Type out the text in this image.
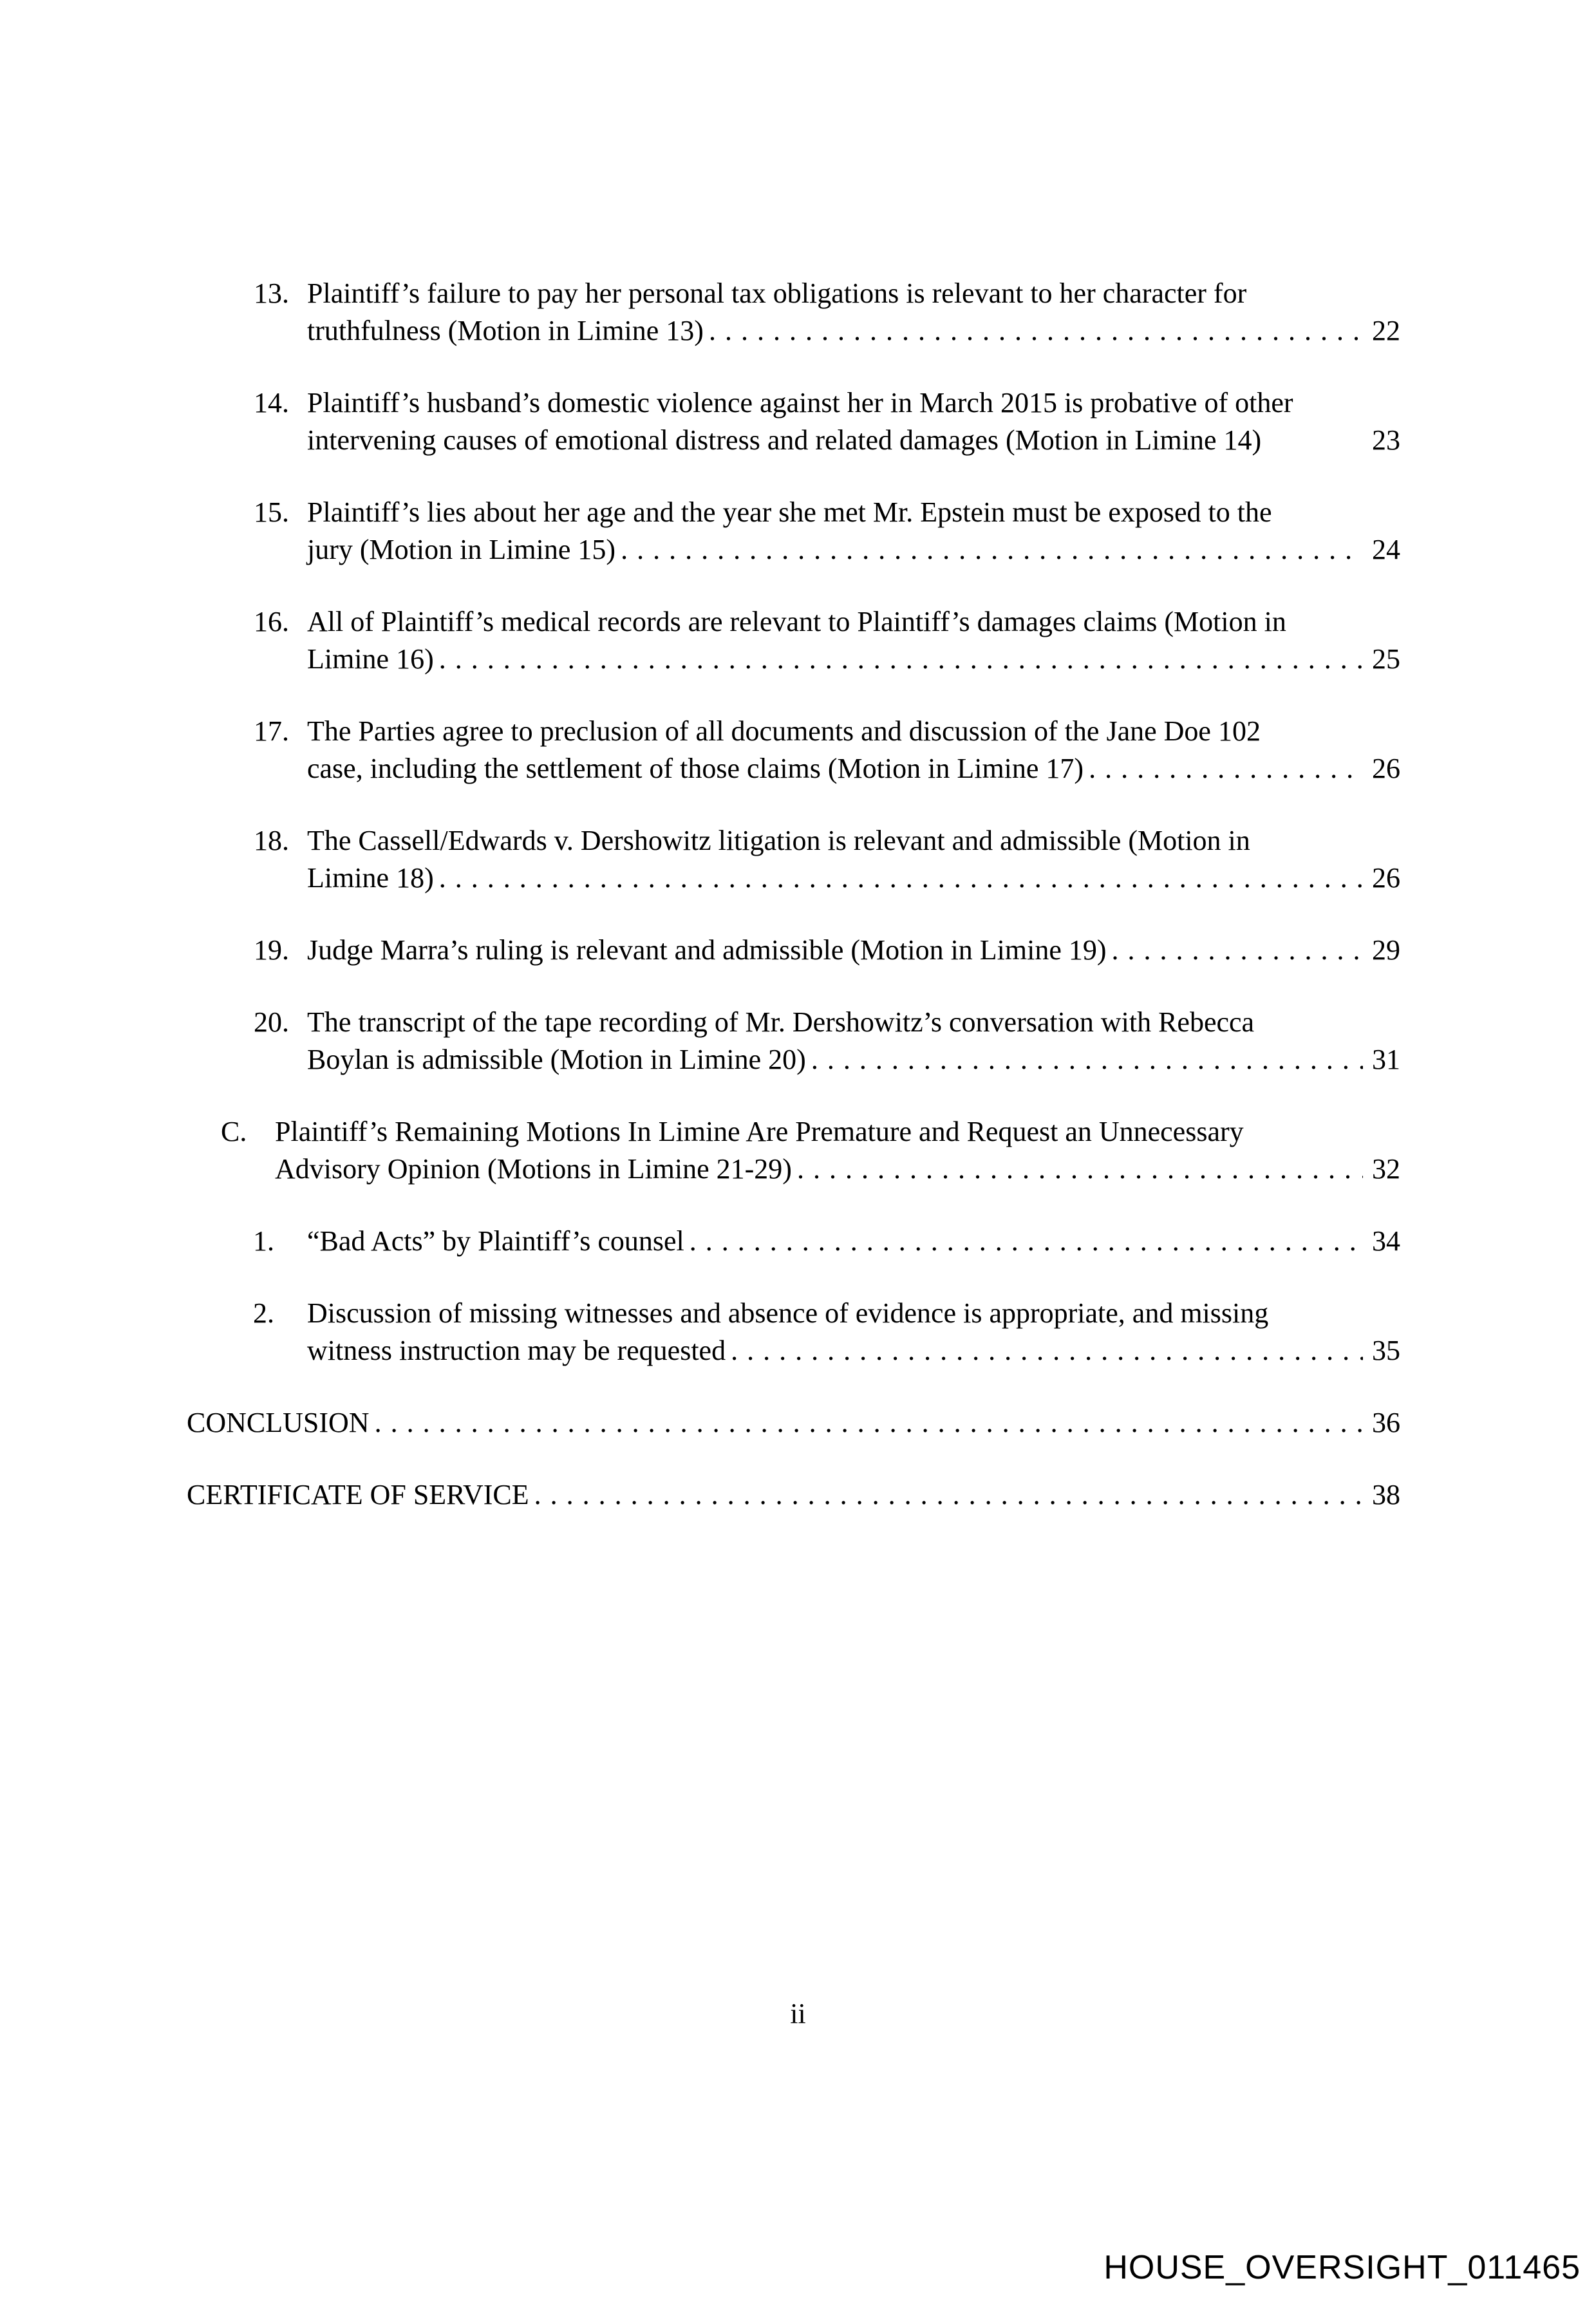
13. Plaintiff’s failure to pay her personal tax obligations is relevant to her character for
truthfulness (Motion in Limine 13) .....	22
14. Plaintiff’s husband’s domestic violence against her in March 2015 is probative of other
intervening causes of emotional distress and related damages (Motion in Limine 14)	23
15. Plaintiff’s lies about her age and the year she met Mr. Epstein must be exposed to the
jury (Motion in Limine 15) .....	24
16. All of Plaintiff’s medical records are relevant to Plaintiff’s damages claims (Motion in
Limine 16) .....	25
17. The Parties agree to preclusion of all documents and discussion of the Jane Doe 102
case, including the settlement of those claims (Motion in Limine 17) .....	26
18. The Cassell/Edwards v. Dershowitz litigation is relevant and admissible (Motion in
Limine 18) .....	26
19. Judge Marra’s ruling is relevant and admissible (Motion in Limine 19) .....	29
20. The transcript of the tape recording of Mr. Dershowitz’s conversation with Rebecca
Boylan is admissible (Motion in Limine 20) .....	31
C. Plaintiff’s Remaining Motions In Limine Are Premature and Request an Unnecessary
Advisory Opinion (Motions in Limine 21-29) .....	32
1. “Bad Acts” by Plaintiff’s counsel .....	34
2. Discussion of missing witnesses and absence of evidence is appropriate, and missing
witness instruction may be requested .....	35
CONCLUSION .....	36
CERTIFICATE OF SERVICE .....	38
ii
HOUSE_OVERSIGHT_011465
